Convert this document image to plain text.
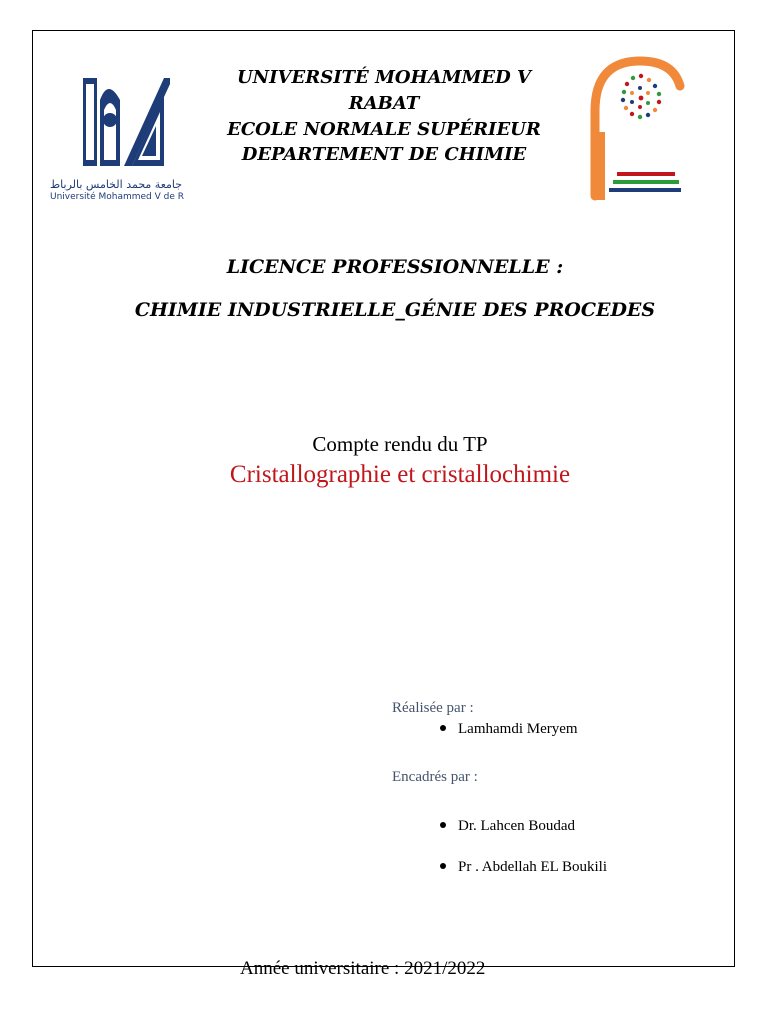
جامعة محمد الخامس بالرباط
Université Mohammed V de R
UNIVERSITÉ MOHAMMED V
RABAT
ECOLE NORMALE SUPÉRIEUR
DEPARTEMENT DE CHIMIE
LICENCE PROFESSIONNELLE :
CHIMIE INDUSTRIELLE_GÉNIE DES PROCEDES
Compte rendu du TP
Cristallographie et cristallochimie
Réalisée par :
Lamhamdi Meryem
Encadrés par :
Dr. Lahcen Boudad
Pr . Abdellah EL Boukili
Année universitaire : 2021/2022
